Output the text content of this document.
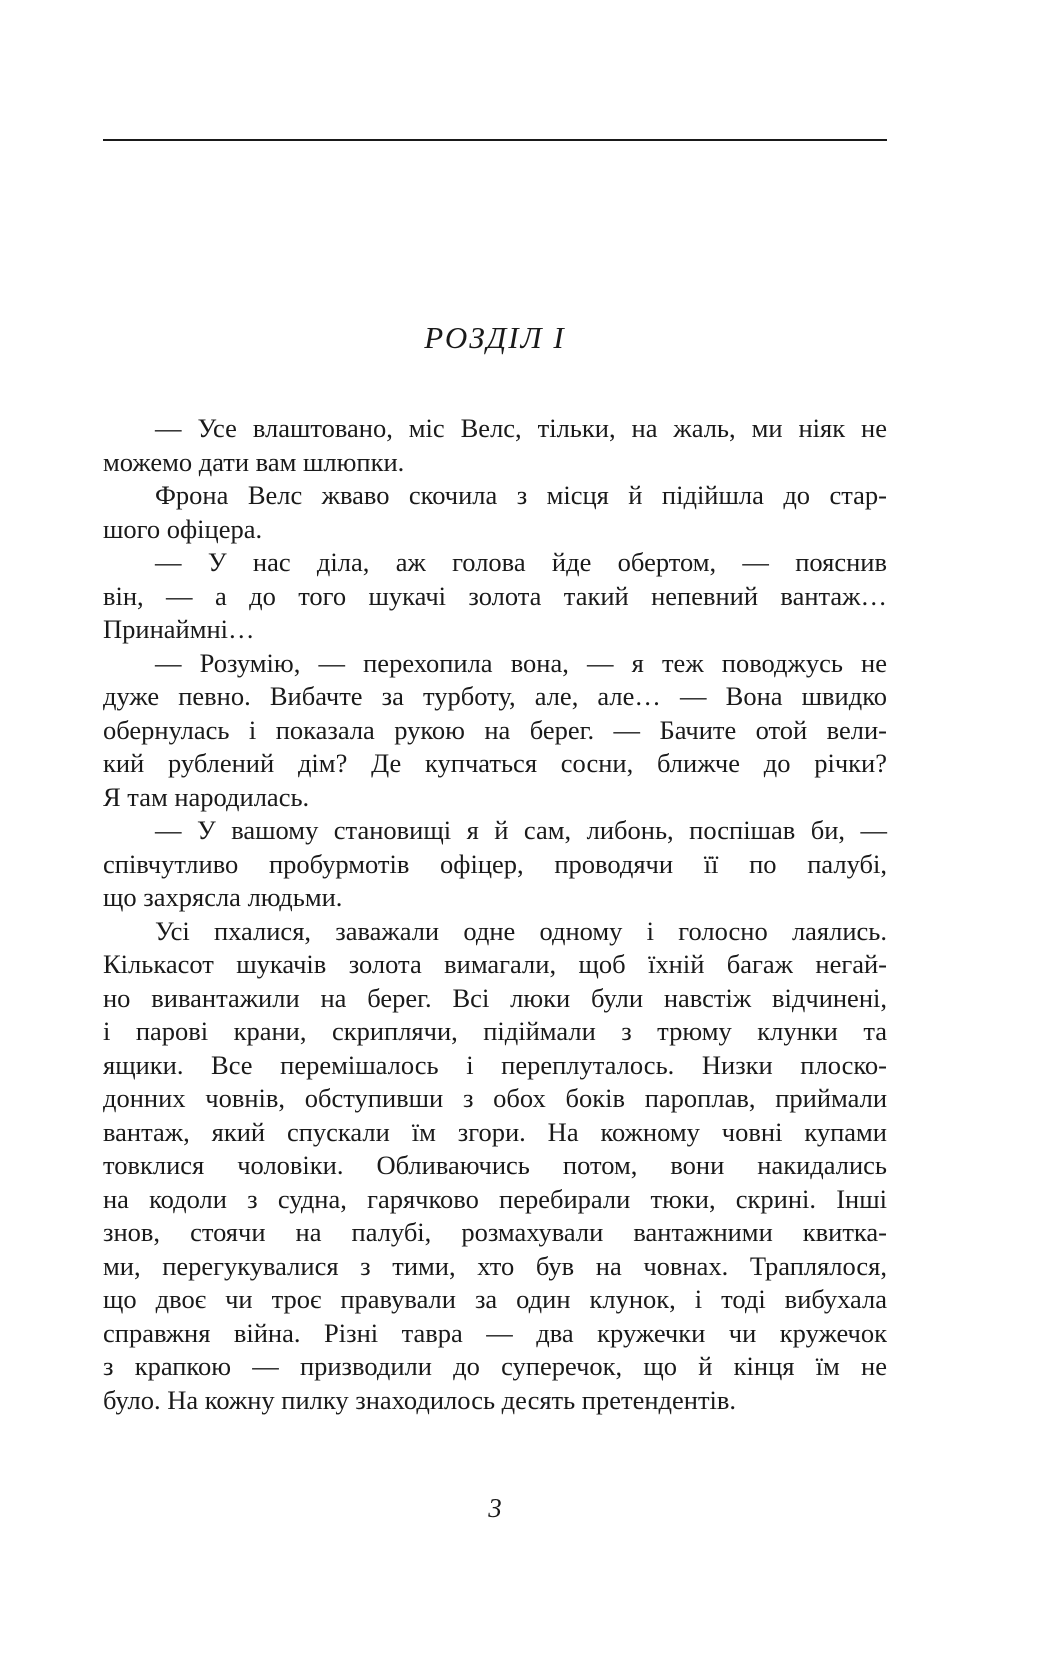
РОЗДІЛ I
— Усе влаштовано, міс Велс, тільки, на жаль, ми ніяк не
можемо дати вам шлюпки.
Фрона Велс жваво скочила з місця й підійшла до стар-
шого офіцера.
— У нас діла, аж голова йде обертом, — пояснив
він, — а до того шукачі золота такий непевний вантаж…
Принаймні…
— Розумію, — перехопила вона, — я теж поводжусь не
дуже певно. Вибачте за турботу, але, але… — Вона швидко
обернулась і показала рукою на берег. — Бачите отой вели-
кий рублений дім? Де купчаться сосни, ближче до річки?
Я там народилась.
— У вашому становищі я й сам, либонь, поспішав би, —
співчутливо пробурмотів офіцер, проводячи її по палубі,
що захрясла людьми.
Усі пхалися, заважали одне одному і голосно лаялись.
Кількасот шукачів золота вимагали, щоб їхній багаж негай-
но вивантажили на берег. Всі люки були навстіж відчинені,
і парові крани, скриплячи, підіймали з трюму клунки та
ящики. Все перемішалось і переплуталось. Низки плоско-
донних човнів, обступивши з обох боків пароплав, приймали
вантаж, який спускали їм згори. На кожному човні купами
товклися чоловіки. Обливаючись потом, вони накидались
на кодоли з судна, гарячково перебирали тюки, скрині. Інші
знов, стоячи на палубі, розмахували вантажними квитка-
ми, перегукувалися з тими, хто був на човнах. Траплялося,
що двоє чи троє правували за один клунок, і тоді вибухала
справжня війна. Різні тавра — два кружечки чи кружечок
з крапкою — призводили до суперечок, що й кінця їм не
було. На кожну пилку знаходилось десять претендентів.
3
